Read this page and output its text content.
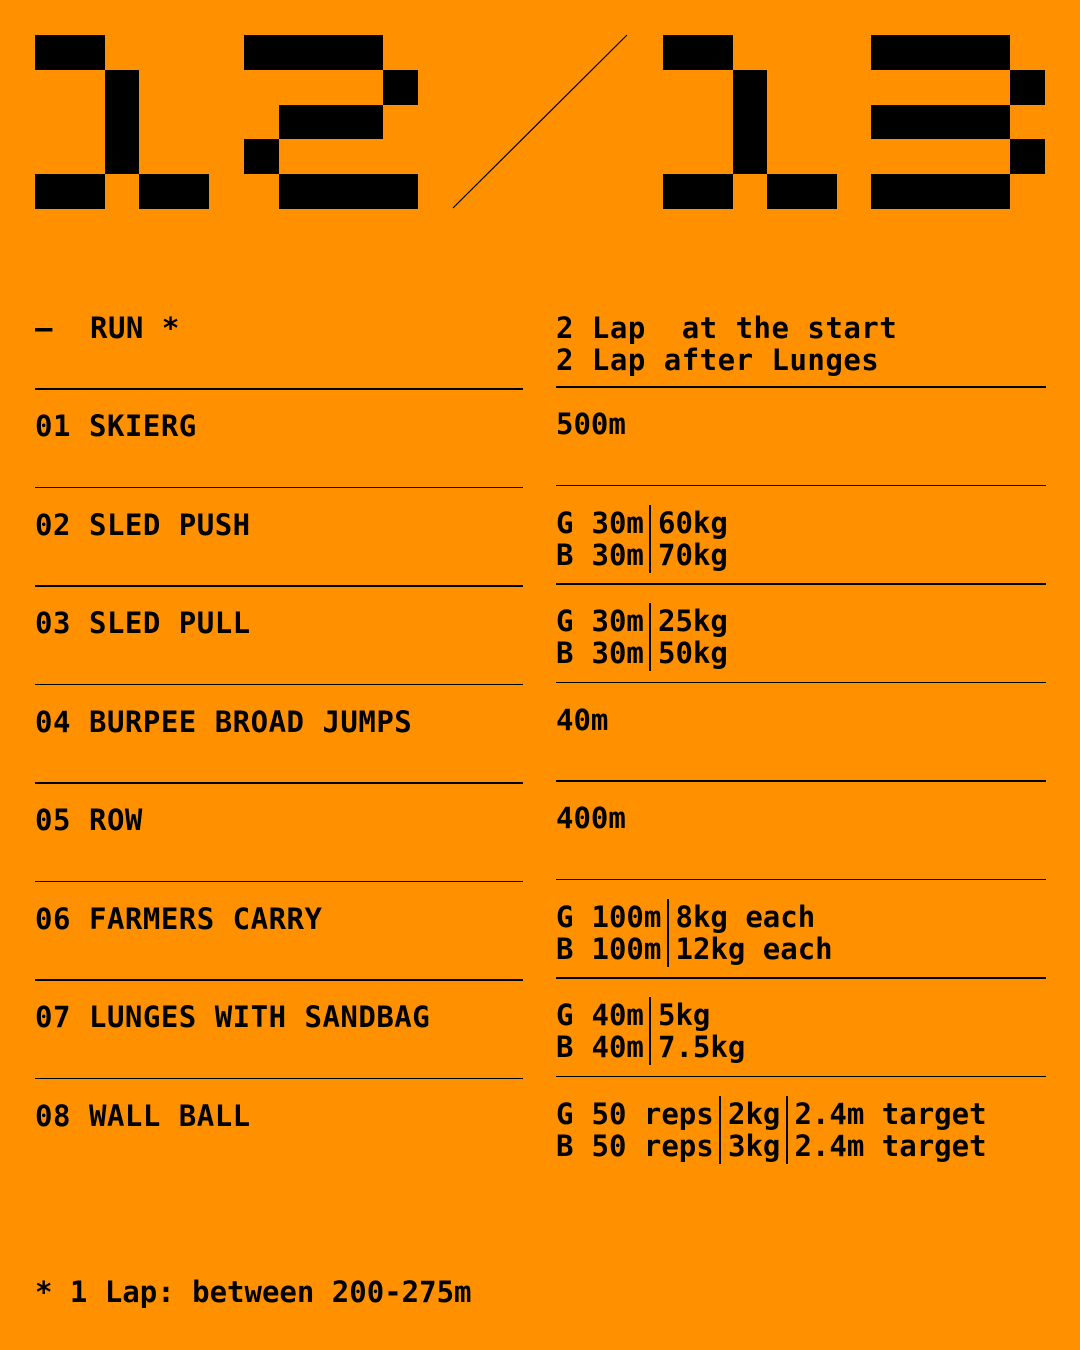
— RUN *
01 SKIERG
02 SLED PUSH
03 SLED PULL
04 BURPEE BROAD JUMPS
05 ROW
06 FARMERS CARRY
07 LUNGES WITH SANDBAG
08 WALL BALL
2 Lap  at the start
2 Lap after Lunges
500m
G 30m 60kg
B 30m 70kg
G 30m 25kg
B 30m 50kg
40m
400m
G 100m 8kg each
B 100m 12kg each
G 40m 5kg
B 40m 7.5kg
G 50 reps 2kg 2.4m target
B 50 reps 3kg 2.4m target
* 1 Lap: between 200-275m
